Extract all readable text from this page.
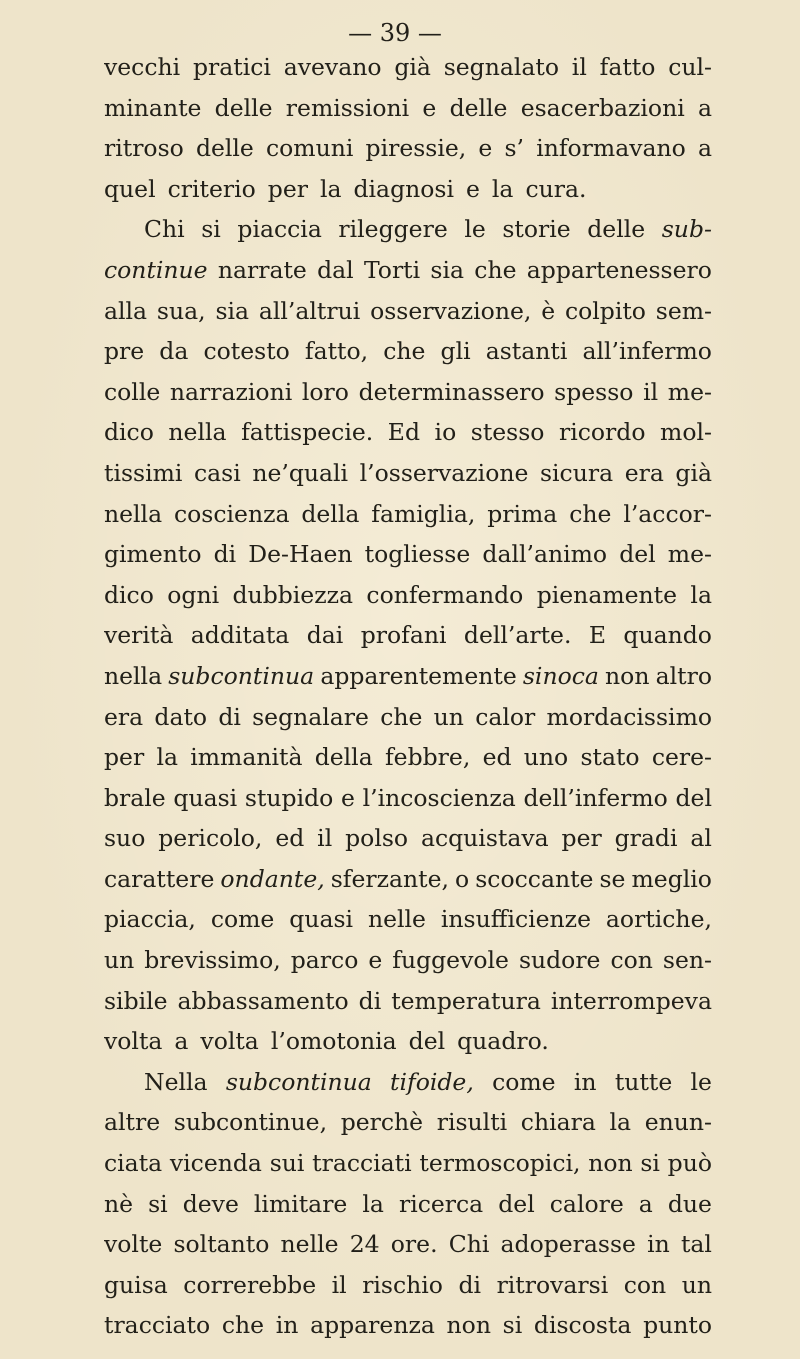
— 39 —
vecchi pratici avevano già segnalato il fatto cul-
minante delle remissioni e delle esacerbazioni a
ritroso delle comuni piressie, e s’ informavano a
quel criterio per la diagnosi e la cura.
Chi si piaccia rileggere le storie delle sub-
continue narrate dal Torti sia che appartenessero
alla sua, sia all’altrui osservazione, è colpito sem-
pre da cotesto fatto, che gli astanti all’infermo
colle narrazioni loro determinassero spesso il me-
dico nella fattispecie. Ed io stesso ricordo mol-
tissimi casi ne’quali l’osservazione sicura era già
nella coscienza della famiglia, prima che l’accor-
gimento di De-Haen togliesse dall’animo del me-
dico ogni dubbiezza confermando pienamente la
verità additata dai profani dell’arte. E quando
nella subcontinua apparentemente sinoca non altro
era dato di segnalare che un calor mordacissimo
per la immanità della febbre, ed uno stato cere-
brale quasi stupido e l’incoscienza dell’infermo del
suo pericolo, ed il polso acquistava per gradi al
carattere ondante, sferzante, o scoccante se meglio
piaccia, come quasi nelle insufficienze aortiche,
un brevissimo, parco e fuggevole sudore con sen-
sibile abbassamento di temperatura interrompeva
volta a volta l’omotonia del quadro.
Nella subcontinua tifoide, come in tutte le
altre subcontinue, perchè risulti chiara la enun-
ciata vicenda sui tracciati termoscopici, non si può
nè si deve limitare la ricerca del calore a due
volte soltanto nelle 24 ore. Chi adoperasse in tal
guisa correrebbe il rischio di ritrovarsi con un
tracciato che in apparenza non si discosta punto
